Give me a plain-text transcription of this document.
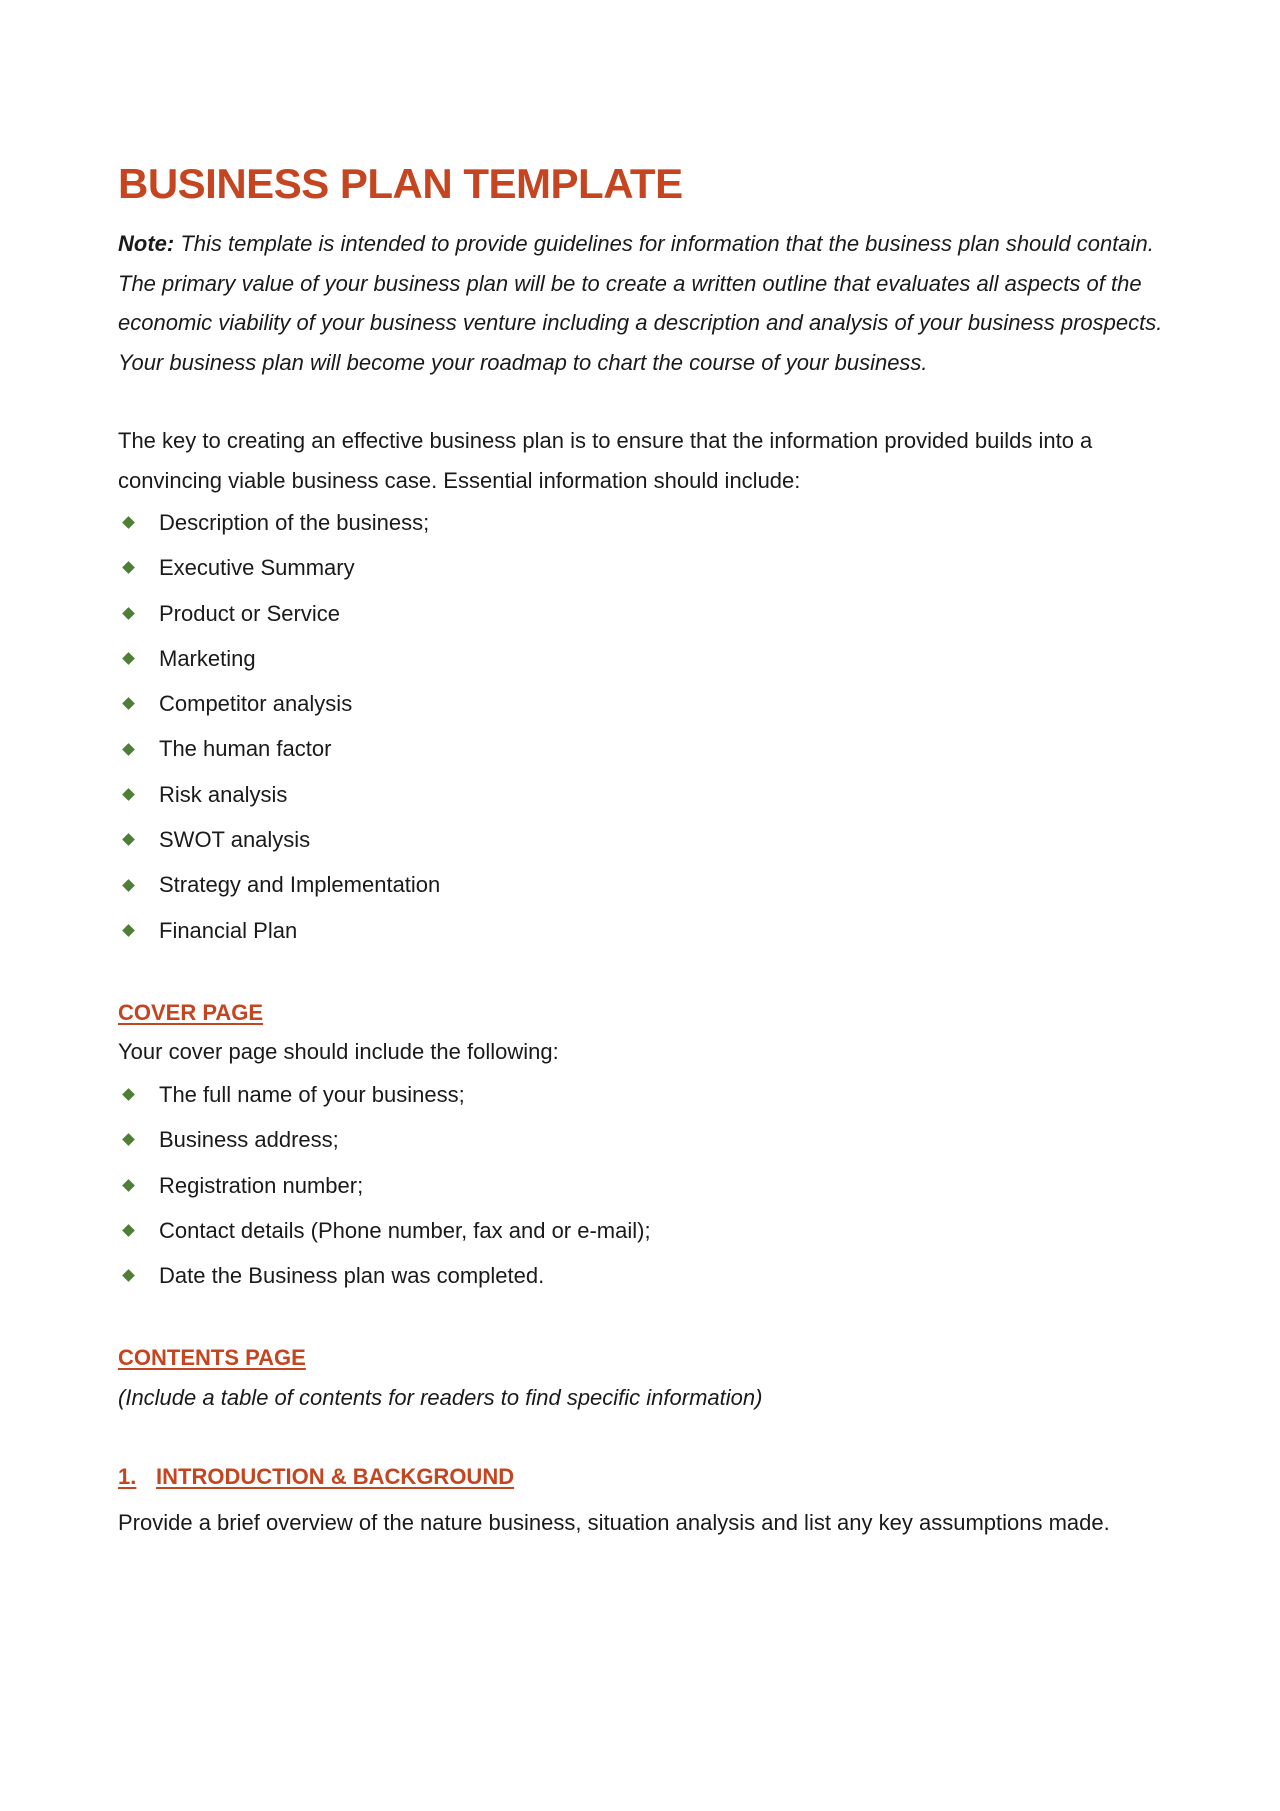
BUSINESS PLAN TEMPLATE

Note: This template is intended to provide guidelines for information that the business plan should contain. The primary value of your business plan will be to create a written outline that evaluates all aspects of the economic viability of your business venture including a description and analysis of your business prospects. Your business plan will become your roadmap to chart the course of your business.

The key to creating an effective business plan is to ensure that the information provided builds into a convincing viable business case. Essential information should include:

Description of the business;
Executive Summary
Product or Service
Marketing
Competitor analysis
The human factor
Risk analysis
SWOT analysis
Strategy and Implementation
Financial Plan
COVER PAGE

Your cover page should include the following:

The full name of your business;
Business address;
Registration number;
Contact details (Phone number, fax and or e-mail);
Date the Business plan was completed.
CONTENTS PAGE

(Include a table of contents for readers to find specific information)

1. INTRODUCTION & BACKGROUND

Provide a brief overview of the nature business, situation analysis and list any key assumptions made.
